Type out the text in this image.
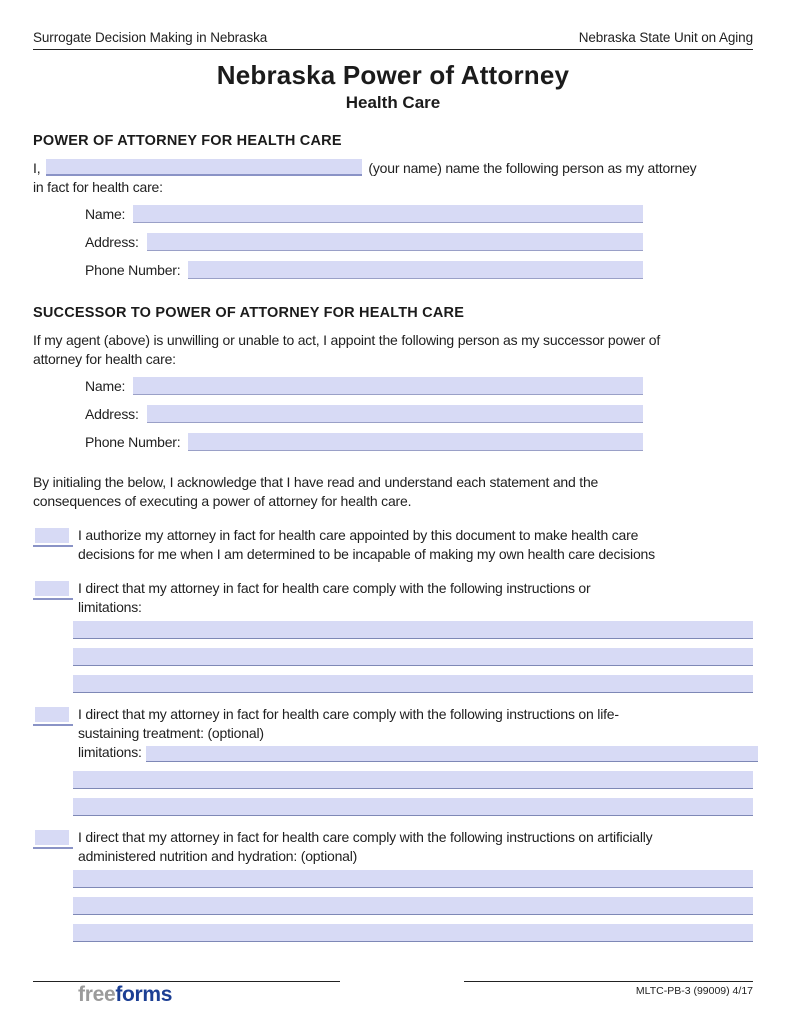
Surrogate Decision Making in Nebraska	Nebraska State Unit on Aging
Nebraska Power of Attorney
Health Care
POWER OF ATTORNEY FOR HEALTH CARE
I,	(your name) name the following person as my attorney
in fact for health care:
Name:
Address:
Phone Number:
SUCCESSOR TO POWER OF ATTORNEY FOR HEALTH CARE
If my agent (above) is unwilling or unable to act, I appoint the following person as my successor power of
attorney for health care:
Name:
Address:
Phone Number:
By initialing the below, I acknowledge that I have read and understand each statement and the
consequences of executing a power of attorney for health care.
I authorize my attorney in fact for health care appointed by this document to make health care
decisions for me when I am determined to be incapable of making my own health care decisions
I direct that my attorney in fact for health care comply with the following instructions or
limitations:
I direct that my attorney in fact for health care comply with the following instructions on life-
sustaining treatment: (optional)
limitations:
I direct that my attorney in fact for health care comply with the following instructions on artificially
administered nutrition and hydration: (optional)
freeforms	MLTC-PB-3 (99009) 4/17
